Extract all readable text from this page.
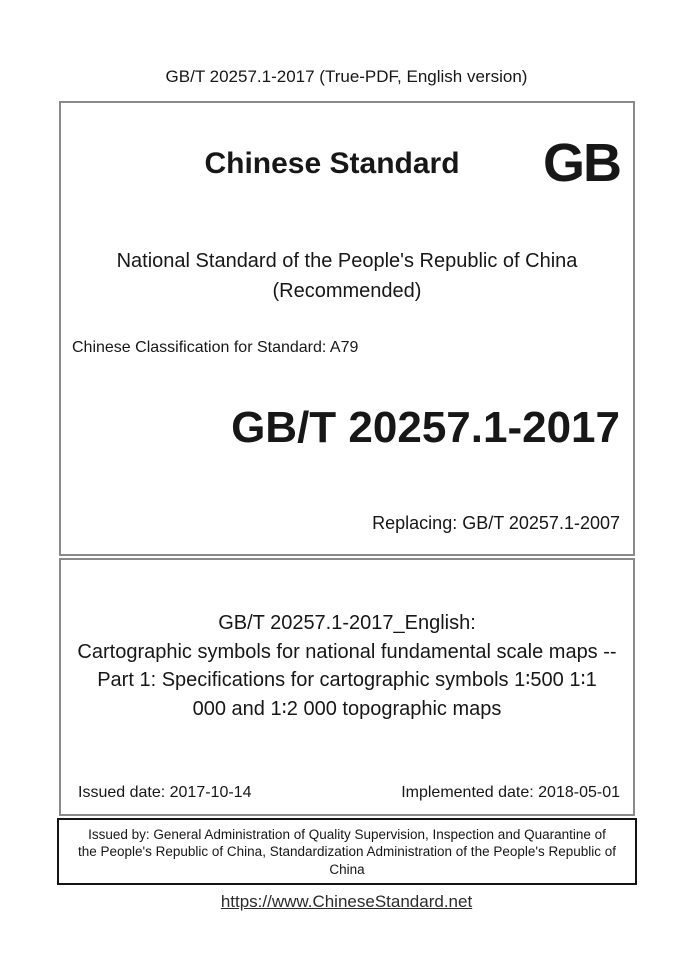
GB/T 20257.1-2017 (True-PDF, English version)
Chinese Standard GB
National Standard of the People's Republic of China
(Recommended)
Chinese Classification for Standard: A79
GB/T 20257.1-2017
Replacing: GB/T 20257.1-2007
GB/T 20257.1-2017_English:
Cartographic symbols for national fundamental scale maps --
Part 1: Specifications for cartographic symbols 1∶500 1∶1
000 and 1∶2 000 topographic maps
Issued date: 2017-10-14	Implemented date: 2018-05-01
Issued by: General Administration of Quality Supervision, Inspection and Quarantine of
the People's Republic of China, Standardization Administration of the People's Republic of
China
https://www.ChineseStandard.net
